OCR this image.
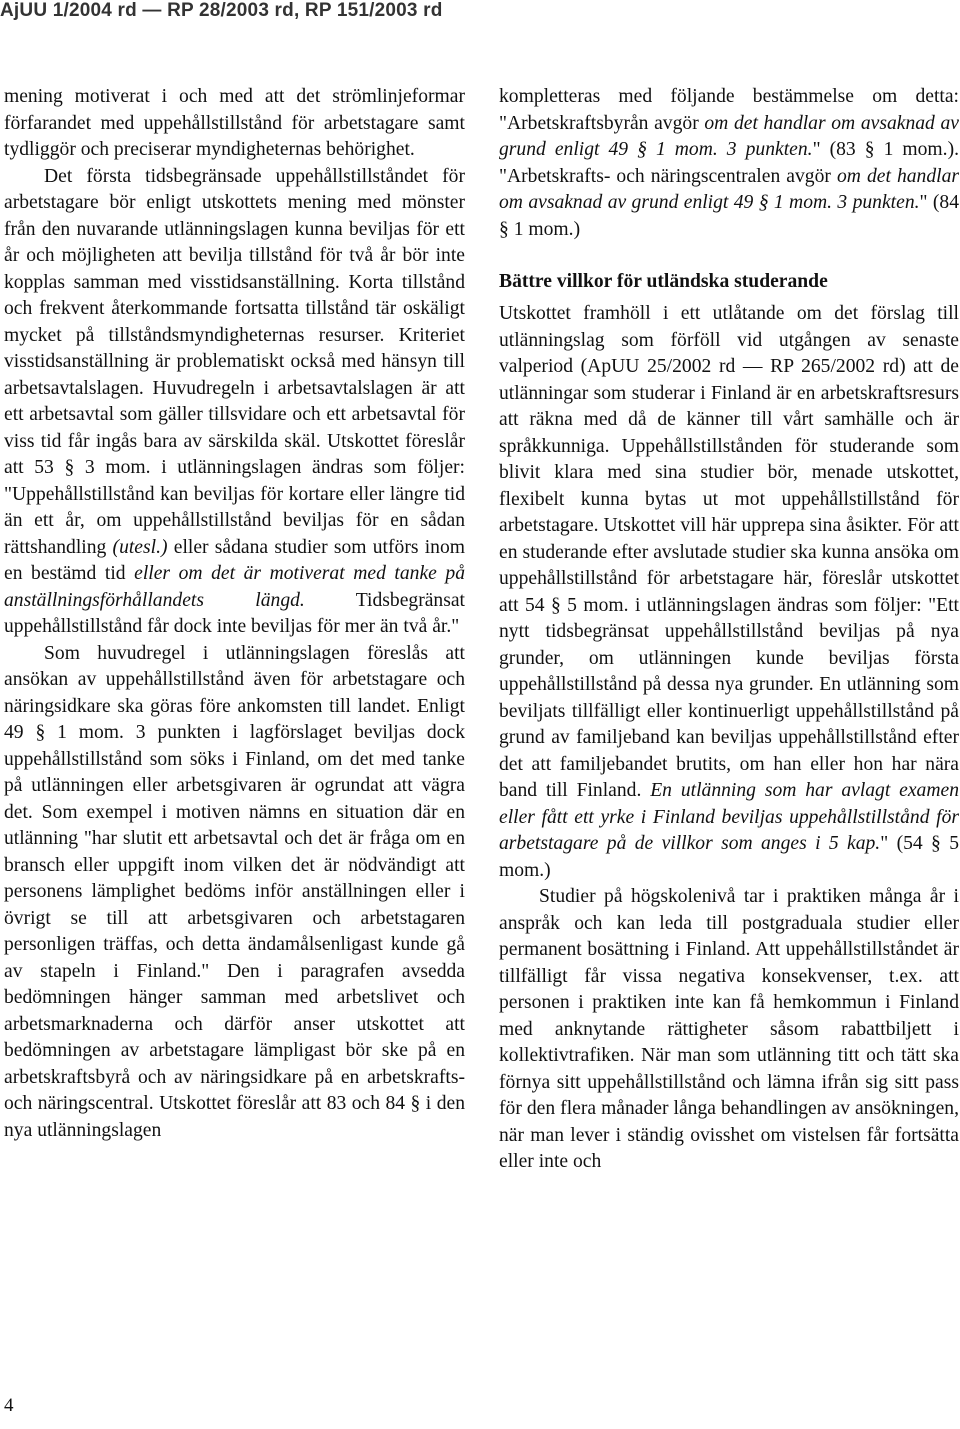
AjUU 1/2004 rd — RP 28/2003 rd, RP 151/2003 rd

mening motiverat i och med att det strömlinjeformar förfarandet med uppehållstillstånd för arbetstagare samt tydliggör och preciserar myndigheternas behörighet.

Det första tidsbegränsade uppehållstillståndet för arbetstagare bör enligt utskottets mening med mönster från den nuvarande utlänningslagen kunna beviljas för ett år och möjligheten att bevilja tillstånd för två år bör inte kopplas samman med visstidsanställning. Korta tillstånd och frekvent återkommande fortsatta tillstånd tär oskäligt mycket på tillståndsmyndigheternas resurser. Kriteriet visstidsanställning är problematiskt också med hänsyn till arbetsavtalslagen. Huvudregeln i arbetsavtalslagen är att ett arbetsavtal som gäller tillsvidare och ett arbetsavtal för viss tid får ingås bara av särskilda skäl. Utskottet föreslår att 53 § 3 mom. i utlänningslagen ändras som följer: "Uppehållstillstånd kan beviljas för kortare eller längre tid än ett år, om uppehållstillstånd beviljas för en sådan rättshandling (utesl.) eller sådana studier som utförs inom en bestämd tid eller om det är motiverat med tanke på anställningsförhållandets längd. Tidsbegränsat uppehållstillstånd får dock inte beviljas för mer än två år."

Som huvudregel i utlänningslagen föreslås att ansökan av uppehållstillstånd även för arbetstagare och näringsidkare ska göras före ankomsten till landet. Enligt 49 § 1 mom. 3 punkten i lagförslaget beviljas dock uppehållstillstånd som söks i Finland, om det med tanke på utlänningen eller arbetsgivaren är ogrundat att vägra det. Som exempel i motiven nämns en situation där en utlänning "har slutit ett arbetsavtal och det är fråga om en bransch eller uppgift inom vilken det är nödvändigt att personens lämplighet bedöms inför anställningen eller i övrigt se till att arbetsgivaren och arbetstagaren personligen träffas, och detta ändamålsenligast kunde gå av stapeln i Finland." Den i paragrafen avsedda bedömningen hänger samman med arbetslivet och arbetsmarknaderna och därför anser utskottet att bedömningen av arbetstagare lämpligast bör ske på en arbetskraftsbyrå och av näringsidkare på en arbetskrafts- och näringscentral. Utskottet föreslår att 83 och 84 § i den nya utlänningslagen

kompletteras med följande bestämmelse om detta: "Arbetskraftsbyrån avgör om det handlar om avsaknad av grund enligt 49 § 1 mom. 3 punkten." (83 § 1 mom.). "Arbetskrafts- och näringscentralen avgör om det handlar om avsaknad av grund enligt 49 § 1 mom. 3 punkten." (84 § 1 mom.)

Bättre villkor för utländska studerande

Utskottet framhöll i ett utlåtande om det förslag till utlänningslag som förföll vid utgången av senaste valperiod (ApUU 25/2002 rd — RP 265/2002 rd) att de utlänningar som studerar i Finland är en arbetskraftsresurs att räkna med då de känner till vårt samhälle och är språkkunniga. Uppehållstillstånden för studerande som blivit klara med sina studier bör, menade utskottet, flexibelt kunna bytas ut mot uppehållstillstånd för arbetstagare. Utskottet vill här upprepa sina åsikter. För att en studerande efter avslutade studier ska kunna ansöka om uppehållstillstånd för arbetstagare här, föreslår utskottet att 54 § 5 mom. i utlänningslagen ändras som följer: "Ett nytt tidsbegränsat uppehållstillstånd beviljas på nya grunder, om utlänningen kunde beviljas första uppehållstillstånd på dessa nya grunder. En utlänning som beviljats tillfälligt eller kontinuerligt uppehållstillstånd på grund av familjeband kan beviljas uppehållstillstånd efter det att familjebandet brutits, om han eller hon har nära band till Finland. En utlänning som har avlagt examen eller fått ett yrke i Finland beviljas uppehållstillstånd för arbetstagare på de villkor som anges i 5 kap." (54 § 5 mom.)

Studier på högskolenivå tar i praktiken många år i anspråk och kan leda till postgraduala studier eller permanent bosättning i Finland. Att uppehållstillståndet är tillfälligt får vissa negativa konsekvenser, t.ex. att personen i praktiken inte kan få hemkommun i Finland med anknytande rättigheter såsom rabattbiljett i kollektivtrafiken. När man som utlänning titt och tätt ska förnya sitt uppehållstillstånd och lämna ifrån sig sitt pass för den flera månader långa behandlingen av ansökningen, när man lever i ständig ovisshet om vistelsen får fortsätta eller inte och

4
